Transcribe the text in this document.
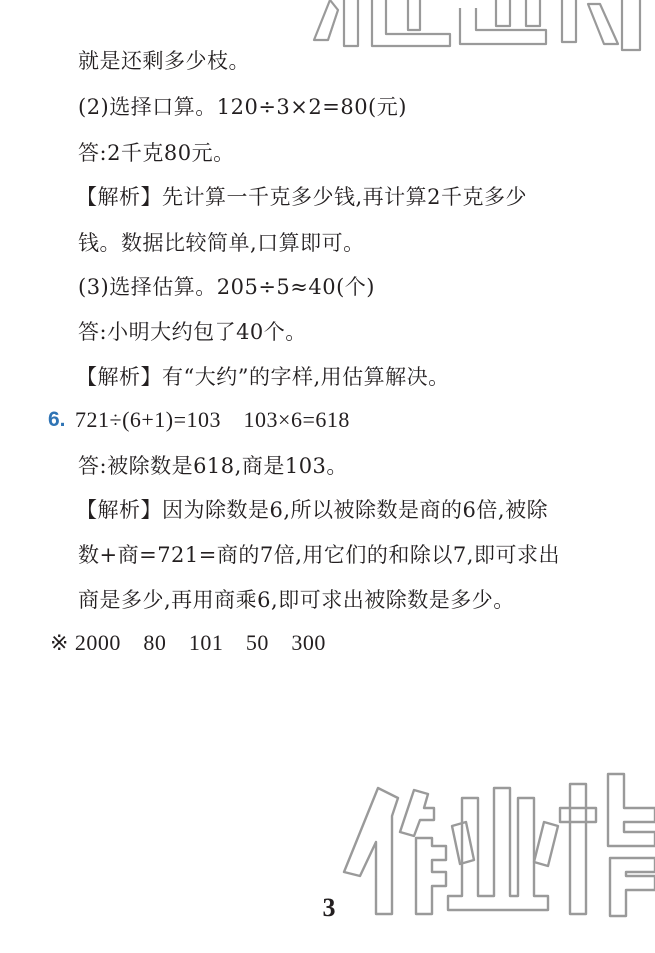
就是还剩多少枝。
(2)选择口算。120÷3×2=80(元)
答:2千克80元。
【解析】先计算一千克多少钱,再计算2千克多少
钱。数据比较简单,口算即可。
(3)选择估算。205÷5≈40(个)
答:小明大约包了40个。
【解析】有“大约”的字样,用估算解决。
6. 721÷(6+1)=103　103×6=618
答:被除数是618,商是103。
【解析】因为除数是6,所以被除数是商的6倍,被除
数+商=721=商的7倍,用它们的和除以7,即可求出
商是多少,再用商乘6,即可求出被除数是多少。
※ 2000　80　101　50　300
3
